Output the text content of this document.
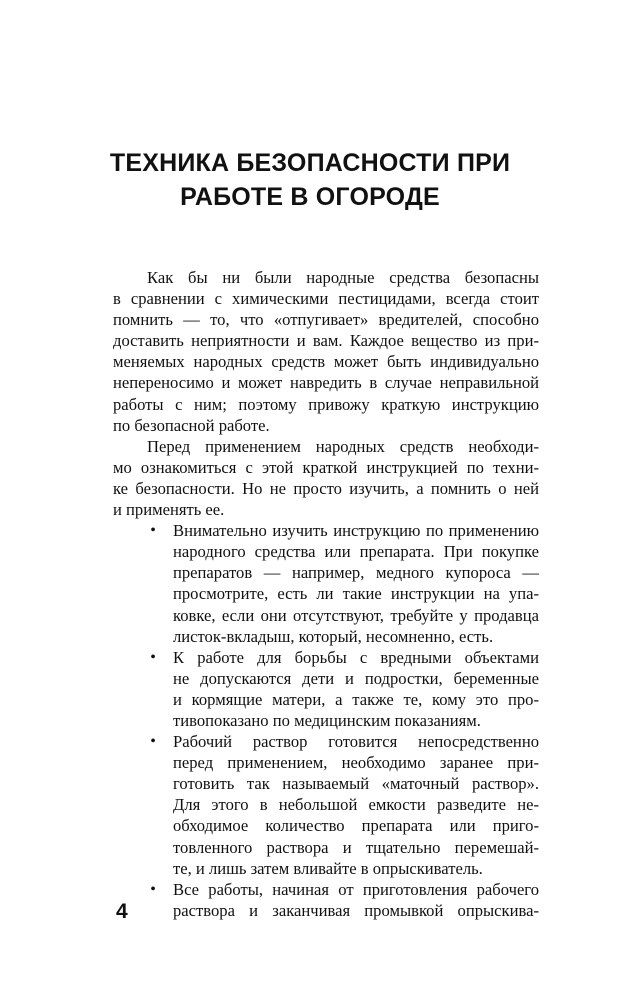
ТЕХНИКА БЕЗОПАСНОСТИ ПРИ
РАБОТЕ В ОГОРОДЕ
Как бы ни были народные средства безопасны
в сравнении с химическими пестицидами, всегда стоит
помнить — то, что «отпугивает» вредителей, способно
доставить неприятности и вам. Каждое вещество из при-
меняемых народных средств может быть индивидуально
непереносимо и может навредить в случае неправильной
работы с ним; поэтому привожу краткую инструкцию
по безопасной работе.
Перед применением народных средств необходи-
мо ознакомиться с этой краткой инструкцией по техни-
ке безопасности. Но не просто изучить, а помнить о ней
и применять ее.
• Внимательно изучить инструкцию по применению
народного средства или препарата. При покупке
препаратов — например, медного купороса —
просмотрите, есть ли такие инструкции на упа-
ковке, если они отсутствуют, требуйте у продавца
листок-вкладыш, который, несомненно, есть.
• К работе для борьбы с вредными объектами
не допускаются дети и подростки, беременные
и кормящие матери, а также те, кому это про-
тивопоказано по медицинским показаниям.
• Рабочий раствор готовится непосредственно
перед применением, необходимо заранее при-
готовить так называемый «маточный раствор».
Для этого в небольшой емкости разведите не-
обходимое количество препарата или приго-
товленного раствора и тщательно перемешай-
те, и лишь затем вливайте в опрыскиватель.
• Все работы, начиная от приготовления рабочего
раствора и заканчивая промывкой опрыскива-

4
